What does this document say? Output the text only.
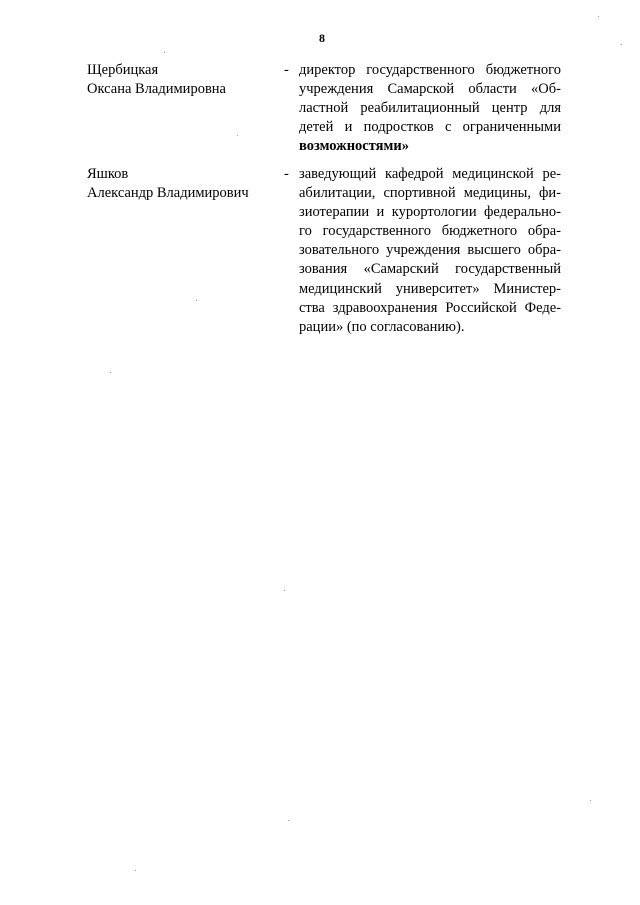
8
Щербицкая
Оксана Владимировна
- директор государственного бюджетного
учреждения Самарской области «Об-
ластной реабилитационный центр для
детей и подростков с ограниченными
возможностями»
Яшков
Александр Владимирович
- заведующий кафедрой медицинской ре-
абилитации, спортивной медицины, фи-
зиотерапии и курортологии федерально-
го государственного бюджетного обра-
зовательного учреждения высшего обра-
зования «Самарский государственный
медицинский университет» Министер-
ства здравоохранения Российской Феде-
рации» (по согласованию).
